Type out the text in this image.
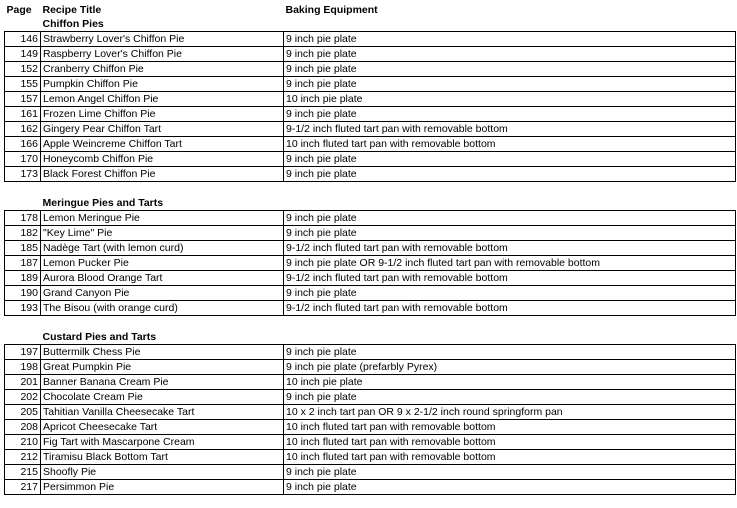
Page	Recipe Title	Baking Equipment
	Chiffon Pies	
146	Strawberry Lover's Chiffon Pie	9 inch pie plate
149	Raspberry Lover's Chiffon Pie	9 inch pie plate
152	Cranberry Chiffon Pie	9 inch pie plate
155	Pumpkin Chiffon Pie	9 inch pie plate
157	Lemon Angel Chiffon Pie	10 inch pie plate
161	Frozen Lime Chiffon Pie	9 inch pie plate
162	Gingery Pear Chiffon Tart	9-1/2 inch fluted tart pan with removable bottom
166	Apple Weincreme Chiffon Tart	10 inch fluted tart pan with removable bottom
170	Honeycomb Chiffon Pie	9 inch pie plate
173	Black Forest Chiffon Pie	9 inch pie plate

	Meringue Pies and Tarts	
178	Lemon Meringue Pie	9 inch pie plate
182	"Key Lime" Pie	9 inch pie plate
185	Nadège Tart (with lemon curd)	9-1/2 inch fluted tart pan with removable bottom
187	Lemon Pucker Pie	9 inch pie plate OR 9-1/2 inch fluted tart pan with removable bottom
189	Aurora Blood Orange Tart	9-1/2 inch fluted tart pan with removable bottom
190	Grand Canyon Pie	9 inch pie plate
193	The Bisou (with orange curd)	9-1/2 inch fluted tart pan with removable bottom

	Custard Pies and Tarts	
197	Buttermilk Chess Pie	9 inch pie plate
198	Great Pumpkin Pie	9 inch pie plate (prefarbly Pyrex)
201	Banner Banana Cream Pie	10 inch pie plate
202	Chocolate Cream Pie	9 inch pie plate
205	Tahitian Vanilla Cheesecake Tart	10 x 2 inch tart pan OR 9 x 2-1/2 inch round springform pan
208	Apricot Cheesecake Tart	10 inch fluted tart pan with removable bottom
210	Fig Tart with Mascarpone Cream	10 inch fluted tart pan with removable bottom
212	Tiramisu Black Bottom Tart	10 inch fluted tart pan with removable bottom
215	Shoofly Pie	9 inch pie plate
217	Persimmon Pie	9 inch pie plate
